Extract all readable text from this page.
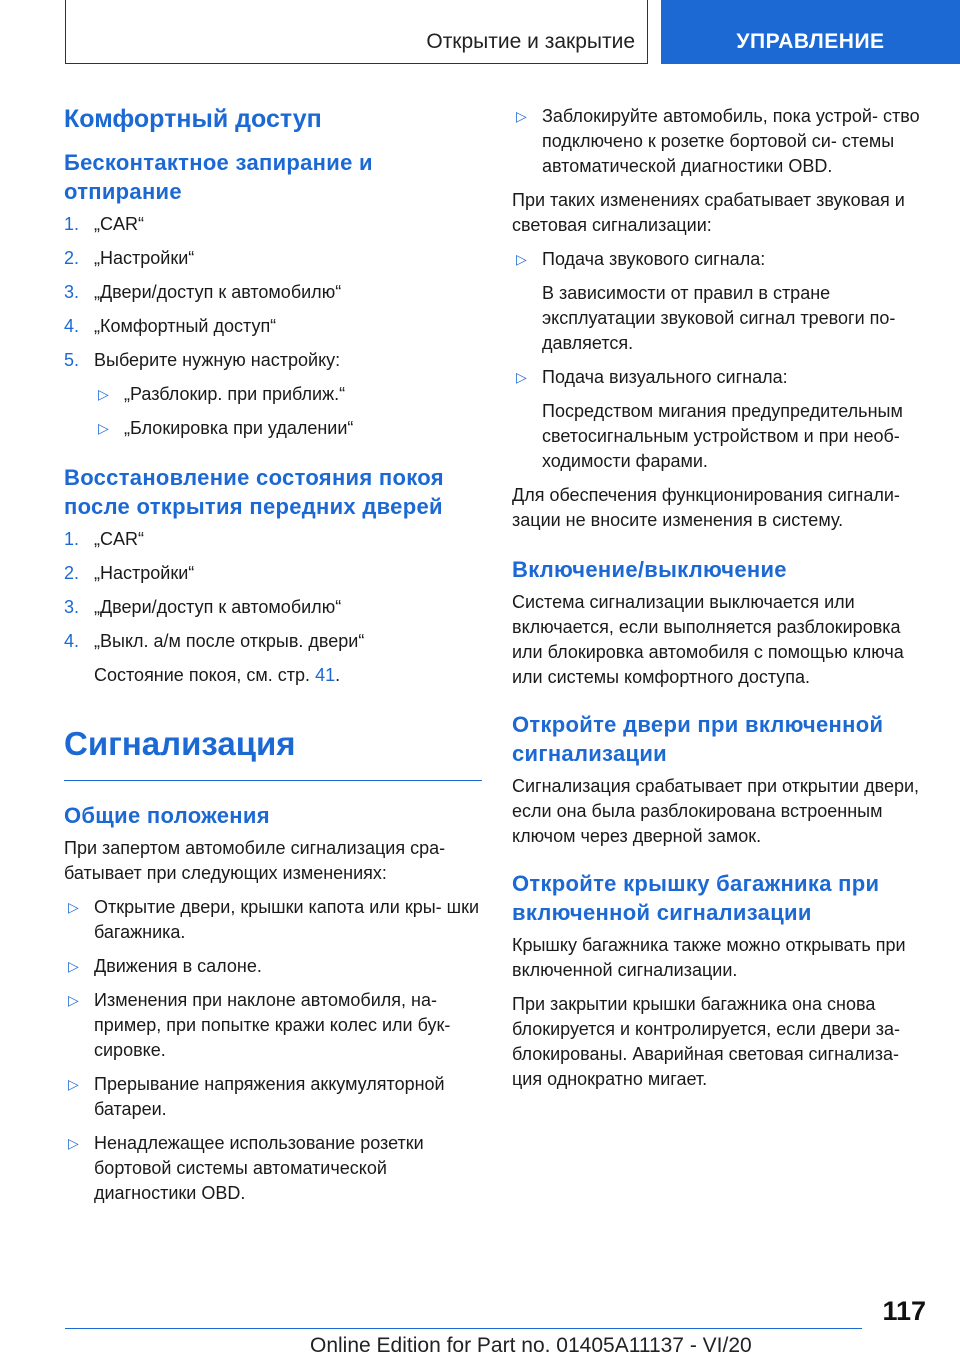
Открытие и закрытие	УПРАВЛЕНИЕ
Комфортный доступ
Бесконтактное запирание и отпирание
1. „CAR“
2. „Настройки“
3. „Двери/доступ к автомобилю“
4. „Комфортный доступ“
5. Выберите нужную настройку:
▷ „Разблокир. при приближ.“
▷ „Блокировка при удалении“
Восстановление состояния покоя после открытия передних дверей
1. „CAR“
2. „Настройки“
3. „Двери/доступ к автомобилю“
4. „Выкл. а/м после открыв. двери“

Состояние покоя, см. стр. 41.

Сигнализация
Общие положения

При запертом автомобиле сигнализация сра- батывает при следующих изменениях:

▷ Открытие двери, крышки капота или кры- шки багажника.
▷ Движения в салоне.
▷ Изменения при наклоне автомобиля, на- пример, при попытке кражи колес или бук- сировке.
▷ Прерывание напряжения аккумуляторной батареи.
▷ Ненадлежащее использование розетки бортовой системы автоматической диагностики OBD.
▷ Заблокируйте автомобиль, пока устрой- ство подключено к розетке бортовой си- стемы автоматической диагностики OBD.

При таких изменениях срабатывает звуковая и световая сигнализации:

▷ Подача звукового сигнала:

В зависимости от правил в стране эксплуатации звуковой сигнал тревоги по- давляется.

▷ Подача визуального сигнала:

Посредством мигания предупредительным светосигнальным устройством и при необ- ходимости фарами.

Для обеспечения функционирования сигнали- зации не вносите изменения в систему.

Включение/выключение

Система сигнализации выключается или включается, если выполняется разблокировка или блокировка автомобиля с помощью ключа или системы комфортного доступа.

Откройте двери при включенной сигнализации

Сигнализация срабатывает при открытии двери, если она была разблокирована встроенным ключом через дверной замок.

Откройте крышку багажника при включенной сигнализации

Крышку багажника также можно открывать при включенной сигнализации.

При закрытии крышки багажника она снова блокируется и контролируется, если двери за- блокированы. Аварийная световая сигнализа- ция однократно мигает.

117
Online Edition for Part no. 01405A11137 - VI/20
